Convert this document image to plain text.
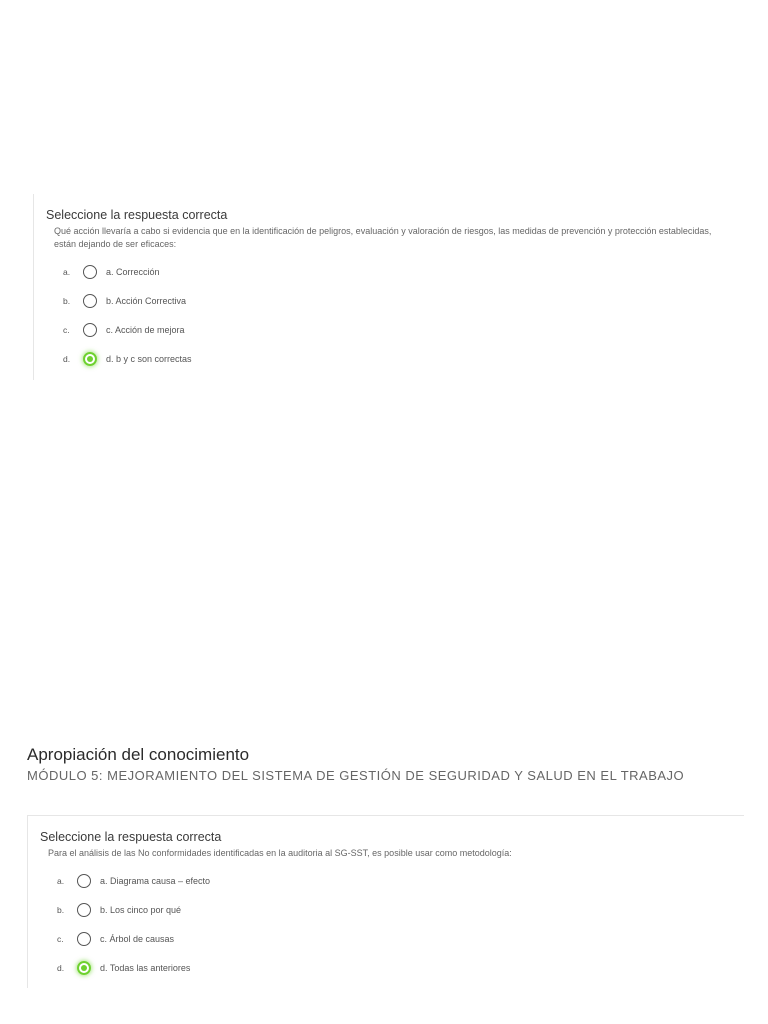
Seleccione la respuesta correcta
Qué acción llevaría a cabo si evidencia que en la identificación de peligros, evaluación y valoración de riesgos, las medidas de prevención y protección establecidas, están dejando de ser eficaces:
a.	a. Corrección
b.	b. Acción Correctiva
c.	c. Acción de mejora
d.	d. b y c son correctas
Apropiación del conocimiento
MÓDULO 5: MEJORAMIENTO DEL SISTEMA DE GESTIÓN DE SEGURIDAD Y SALUD EN EL TRABAJO
Seleccione la respuesta correcta
Para el análisis de las No conformidades identificadas en la auditoria al SG-SST, es posible usar como metodología:
a.	a. Diagrama causa – efecto
b.	b. Los cinco por qué
c.	c. Árbol de causas
d.	d. Todas las anteriores
